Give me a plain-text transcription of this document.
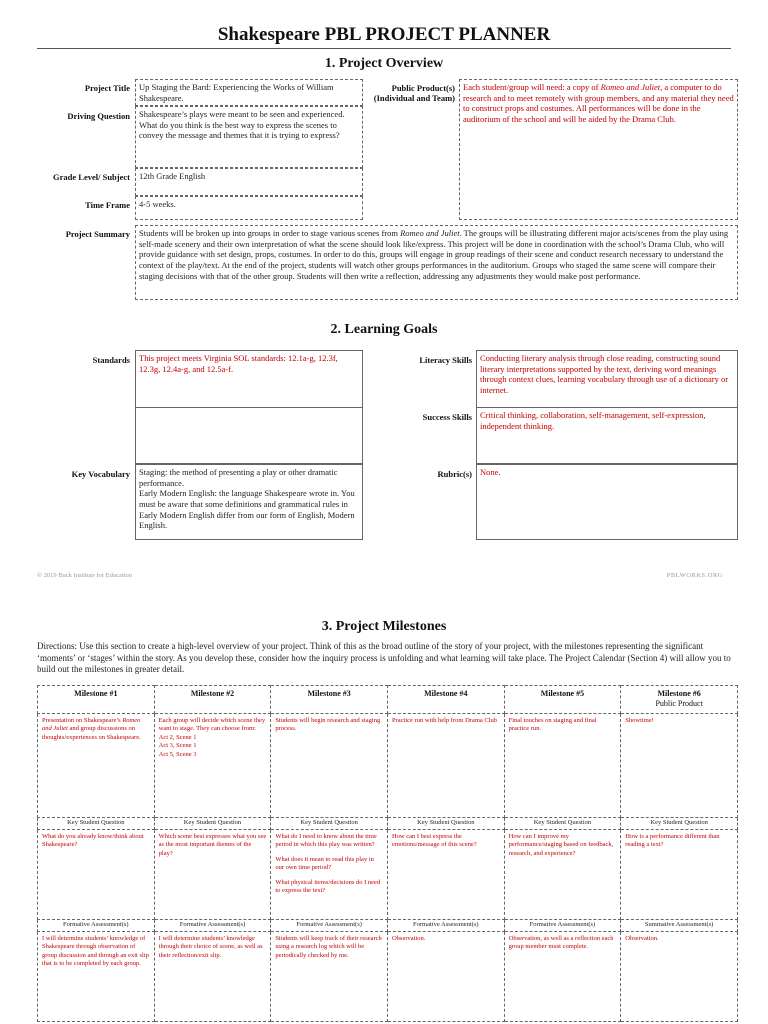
Shakespeare PBL PROJECT PLANNER
1. Project Overview
Project Title	Up Staging the Bard: Experiencing the Works of William Shakespeare.
Driving Question	Shakespeare’s plays were meant to be seen and experienced. What do you think is the best way to express the scenes to convey the message and themes that it is trying to express?
Grade Level/ Subject	12th Grade English
Time Frame	4-5 weeks.
Public Product(s) (Individual and Team)
Each student/group will need: a copy of Romeo and Juliet, a computer to do research and to meet remotely with group members, and any material they need to construct props and costumes. All performances will be done in the auditorium of the school and will be aided by the Drama Club.
Project Summary	Students will be broken up into groups in order to stage various scenes from Romeo and Juliet. The groups will be illustrating different major acts/scenes from the play using self-made scenery and their own interpretation of what the scene should look like/express. This project will be done in coordination with the school’s Drama Club, who will provide guidance with set design, props, costumes. In order to do this, groups will engage in group readings of their scene and conduct research necessary to understand the context of the play/text. At the end of the project, students will watch other groups performances in the auditorium. Groups who staged the same scene will compare their staging decisions with that of the other group. Students will then write a reflection, addressing any adjustments they would make post performance.
2. Learning Goals
Standards	This project meets Virginia SOL standards: 12.1a-g, 12.3f, 12.3g, 12.4a-g, and 12.5a-f.
Literacy Skills Conducting literary analysis through close reading, constructing sound literary interpretations supported by the text, deriving word meanings through context clues, learning vocabulary through use of a dictionary or internet.
Success Skills Critical thinking, collaboration, self-management, self-expression, independent thinking.
Key Vocabulary Staging: the method of presenting a play or other dramatic performance.
Early Modern English: the language Shakespeare wrote in. You must be aware that some definitions and grammatical rules in Early Modern English differ from our form of English, Modern English.
Rubric(s) None.
© 2019 Buck Institute for Education	PBLWORKS.ORG
3. Project Milestones
Directions: Use this section to create a high-level overview of your project. Think of this as the broad outline of the story of your project, with the milestones representing the significant ‘moments’ or ‘stages’ within the story. As you develop these, consider how the inquiry process is unfolding and what learning will take place. The Project Calendar (Section 4) will allow you to build out the milestones in greater detail.
Milestone #1	Milestone #2	Milestone #3	Milestone #4	Milestone #5	Milestone #6
Public Product

Presentation on Shakespeare’s Romeo and Juliet and group discussions on thoughts/experiences on Shakespeare.	Each group will decide which scene they want to stage. They can choose from:
Act 2, Scene 1
Act 3, Scene 1
Act 5, Scene 3	Students will begin research and staging process.	Practice run with help from Drama Club	Final touches on staging and final practice run.	Showtime!
Key Student Question	Key Student Question	Key Student Question	Key Student Question	Key Student Question	Key Student Question
What do you already know/think about Shakespeare?	Which scene best expresses what you see as the most important themes of the play?	What do I need to know about the time period in which this play was written?
What does it mean to read this play in our own time period?
What physical items/decisions do I need to express the text?	How can I best express the emotions/message of this scene?	How can I improve my performance/staging based on feedback, research, and experience?	How is a performance different than reading a text?
Formative Assessment(s)	Formative Assessment(s)	Formative Assessment(s)	Formative Assessment(s)	Formative Assessment(s)	Summative Assessment(s)
I will determine students’ knowledge of Shakespeare through observation of group discussion and through an exit slip that is to be completed by each group.	I will determine students’ knowledge through their choice of scene, as well as their reflection/exit slip.	Students will keep track of their research using a research log which will be periodically checked by me.	Observation.	Observation, as well as a reflection each group member must complete.	Observation.
